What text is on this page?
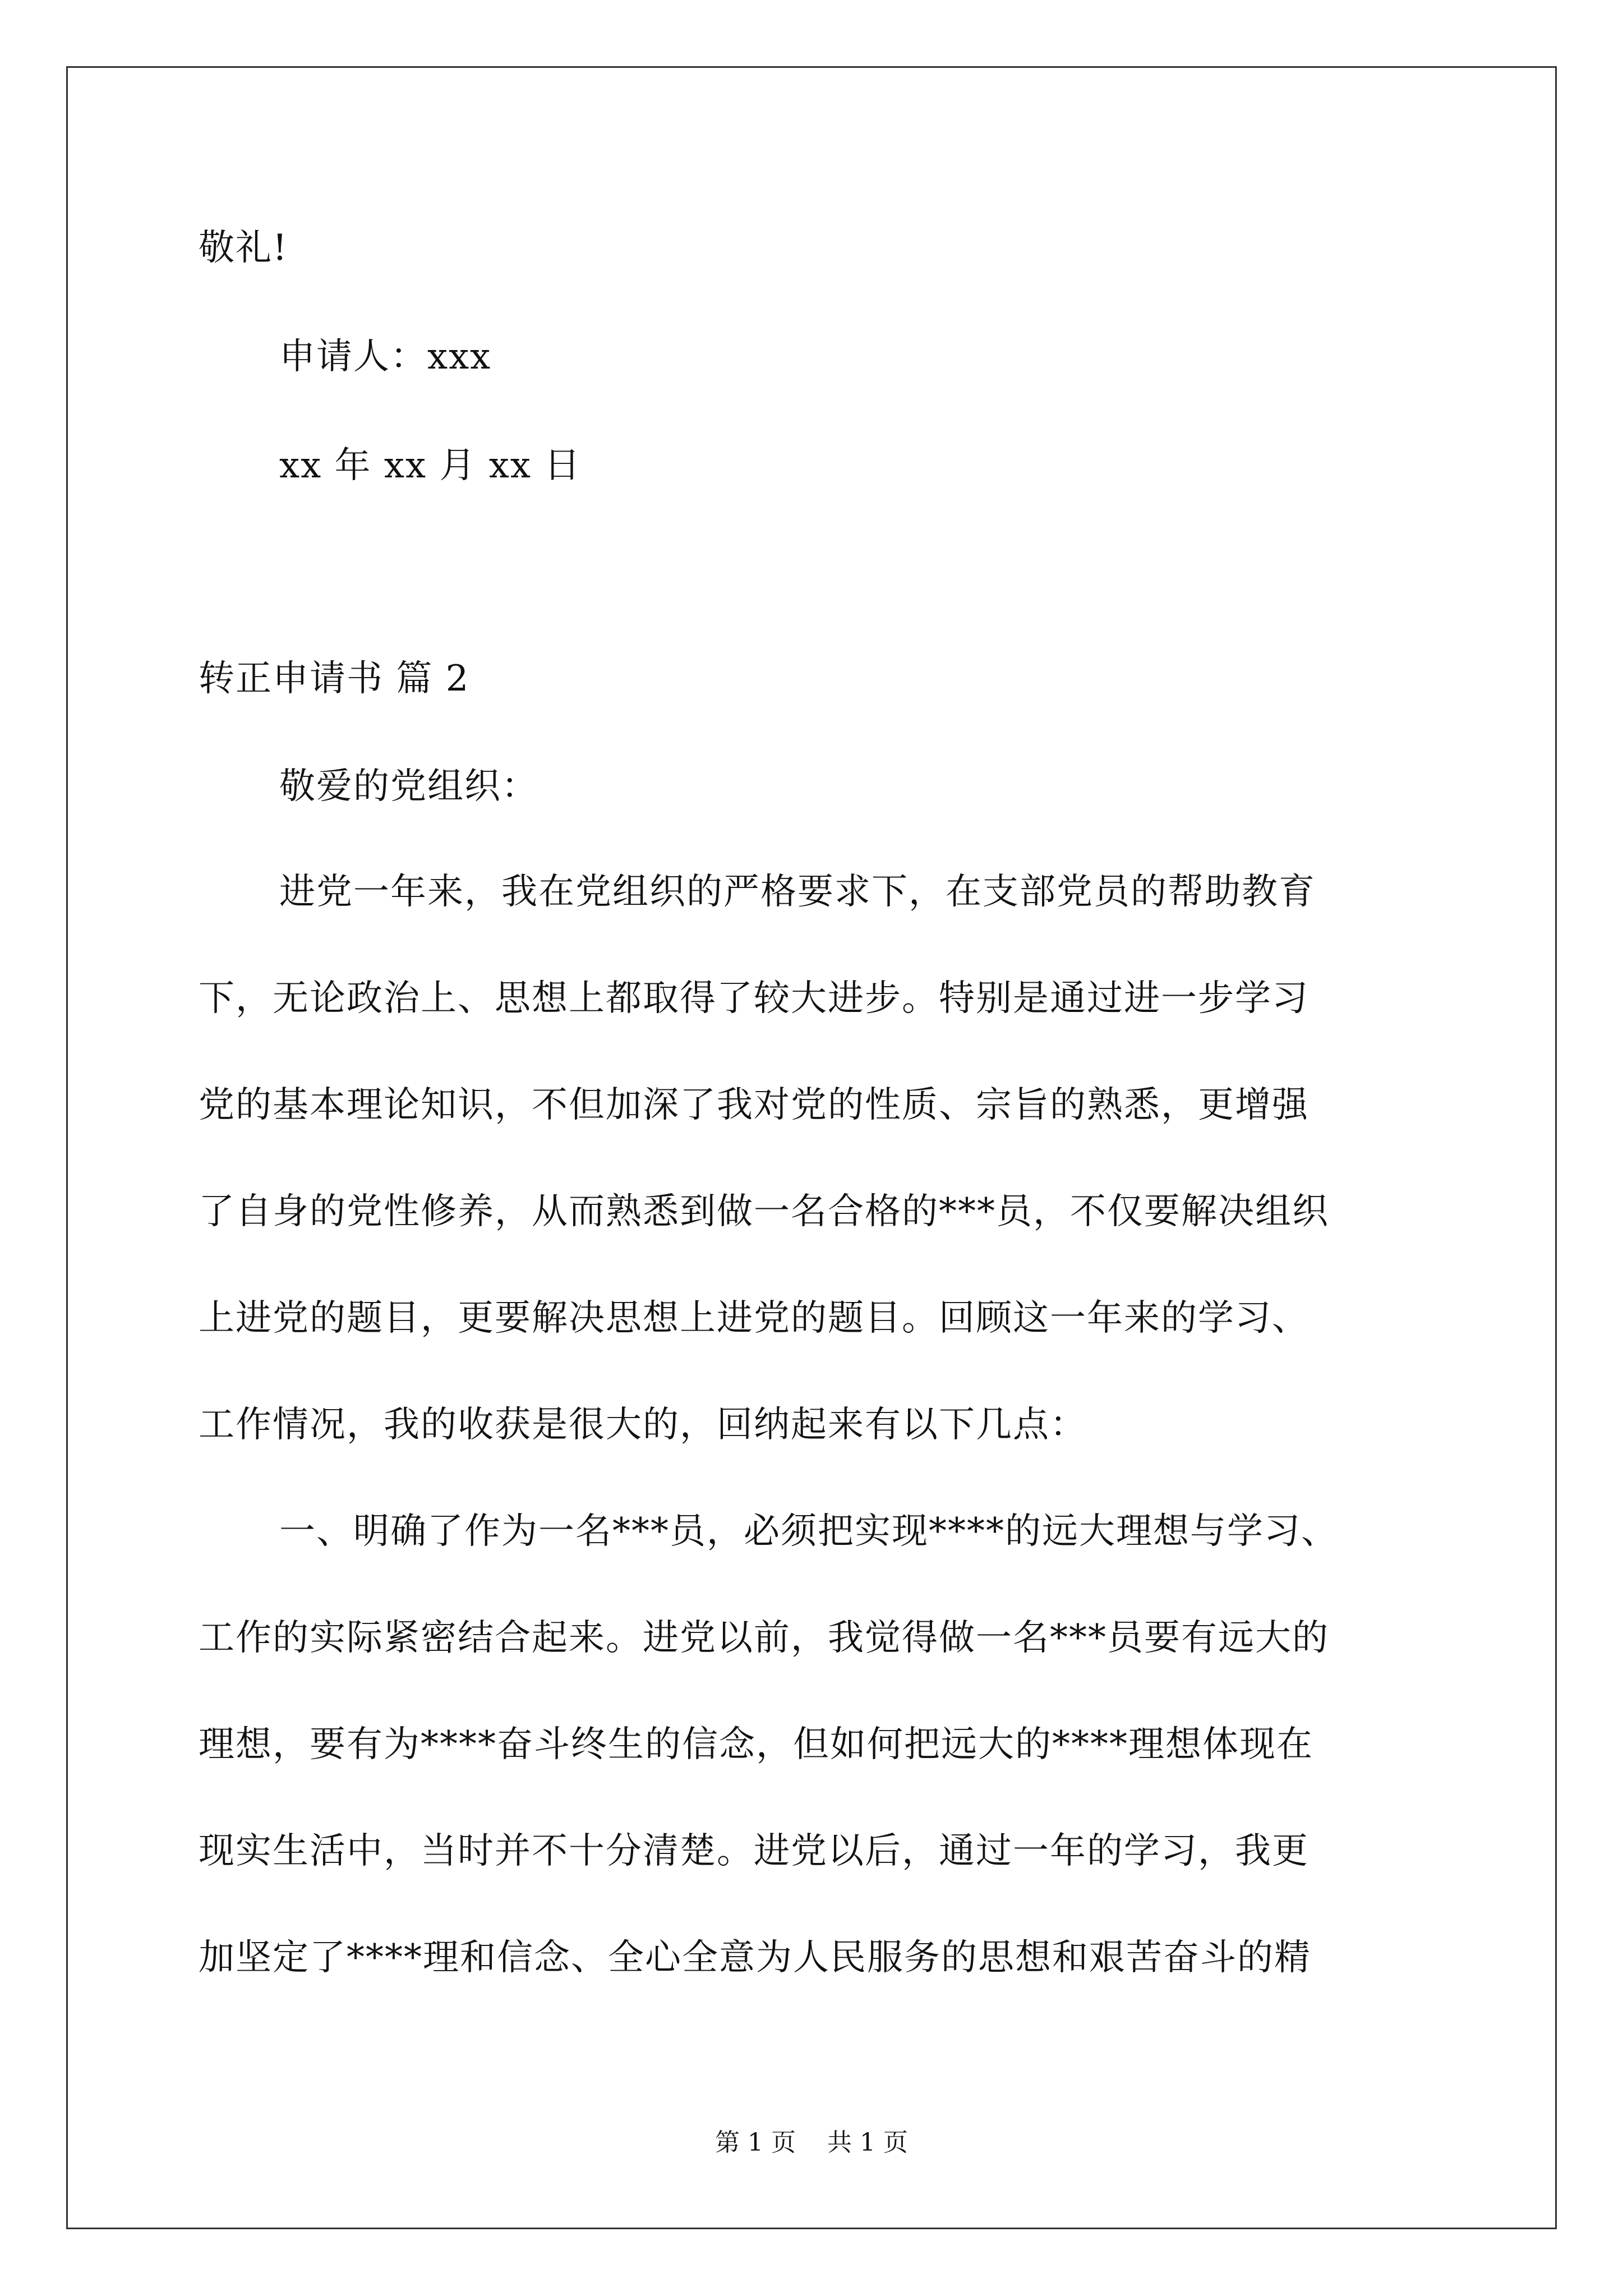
敬礼!
申请人：xxx
xx 年 xx 月 xx 日
转正申请书 篇 2
敬爱的党组织：
进党一年来，我在党组织的严格要求下，在支部党员的帮助教育
下，无论政治上、思想上都取得了较大进步。特别是通过进一步学习
党的基本理论知识，不但加深了我对党的性质、宗旨的熟悉，更增强
了自身的党性修养，从而熟悉到做一名合格的***员，不仅要解决组织
上进党的题目，更要解决思想上进党的题目。回顾这一年来的学习、
工作情况，我的收获是很大的，回纳起来有以下几点：
一、明确了作为一名***员，必须把实现****的远大理想与学习、
工作的实际紧密结合起来。进党以前，我觉得做一名***员要有远大的
理想，要有为****奋斗终生的信念，但如何把远大的****理想体现在
现实生活中，当时并不十分清楚。进党以后，通过一年的学习，我更
加坚定了****理和信念、全心全意为人民服务的思想和艰苦奋斗的精
第 1 页    共 1 页
